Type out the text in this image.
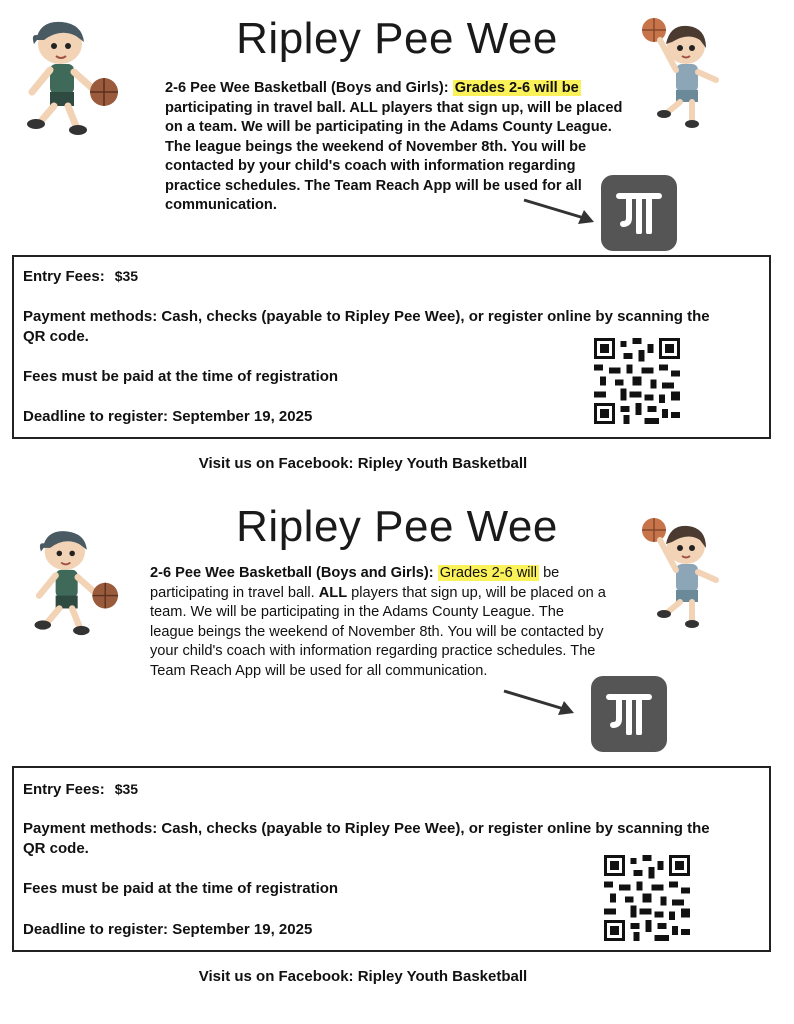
Ripley Pee Wee
2-6 Pee Wee Basketball (Boys and Girls): Grades 2-6 will be participating in travel ball. ALL players that sign up, will be placed on a team. We will be participating in the Adams County League. The league beings the weekend of November 8th. You will be contacted by your child's coach with information regarding practice schedules. The Team Reach App will be used for all communication.
Entry Fees: $35
Payment methods: Cash, checks (payable to Ripley Pee Wee), or register online by scanning the QR code.
Fees must be paid at the time of registration
Deadline to register: September 19, 2025
Visit us on Facebook: Ripley Youth Basketball
Ripley Pee Wee
2-6 Pee Wee Basketball (Boys and Girls): Grades 2-6 will be participating in travel ball. ALL players that sign up, will be placed on a team. We will be participating in the Adams County League. The league beings the weekend of November 8th. You will be contacted by your child's coach with information regarding practice schedules. The Team Reach App will be used for all communication.
Entry Fees: $35
Payment methods: Cash, checks (payable to Ripley Pee Wee), or register online by scanning the QR code.
Fees must be paid at the time of registration
Deadline to register: September 19, 2025
Visit us on Facebook: Ripley Youth Basketball
